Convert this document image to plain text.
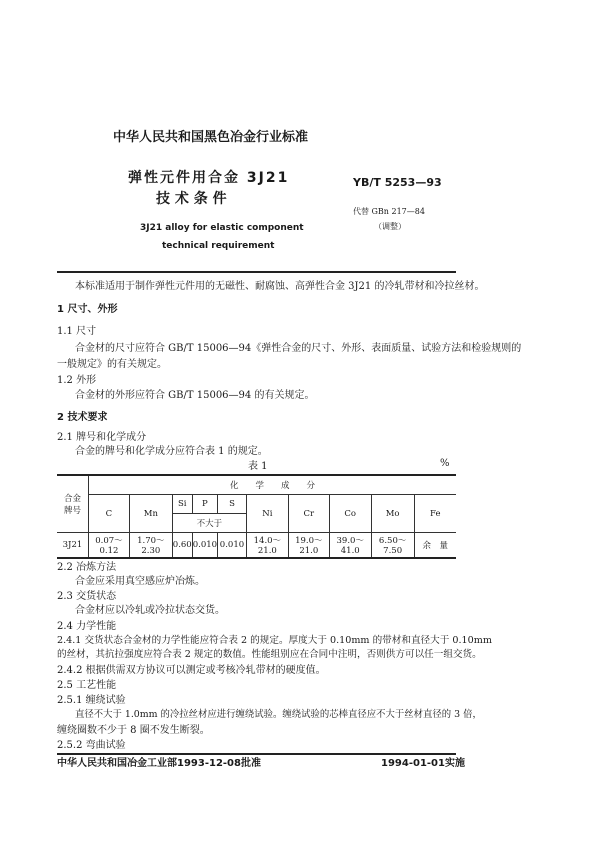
中华人民共和国黑色冶金行业标准
弹性元件用合金 3J21
技 术 条 件
3J21 alloy for elastic component
technical requirement
YB/T 5253—93
代替 GBn 217—84
（调整）
本标准适用于制作弹性元件用的无磁性、耐腐蚀、高弹性合金 3J21 的冷轧带材和冷拉丝材。
1 尺寸、外形
1.1 尺寸
合金材的尺寸应符合 GB/T 15006—94《弹性合金的尺寸、外形、表面质量、试验方法和检验规则的
一般规定》的有关规定。
1.2 外形
合金材的外形应符合 GB/T 15006—94 的有关规定。
2 技术要求
2.1 牌号和化学成分
合金的牌号和化学成分应符合表 1 的规定。
表 1	%
合金
牌号	化　　学　　成　　分									
	C	Mn	Si	P	S	Ni	Cr	Co	Mo	Fe
			不大于							
3J21	0.07～0.12	1.70～2.30	0.60	0.010	0.010	14.0～21.0	19.0～21.0	39.0～41.0	6.50～7.50	余　量
2.2 冶炼方法
合金应采用真空感应炉冶炼。
2.3 交货状态
合金材应以冷轧或冷拉状态交货。
2.4 力学性能
2.4.1 交货状态合金材的力学性能应符合表 2 的规定。厚度大于 0.10mm 的带材和直径大于 0.10mm
的丝材，其抗拉强度应符合表 2 规定的数值。性能组别应在合同中注明，否则供方可以任一组交货。
2.4.2 根据供需双方协议可以测定或考核冷轧带材的硬度值。
2.5 工艺性能
2.5.1 缠绕试验
直径不大于 1.0mm 的冷拉丝材应进行缠绕试验。缠绕试验的芯棒直径应不大于丝材直径的 3 倍，
缠绕圈数不少于 8 圈不发生断裂。
2.5.2 弯曲试验
中华人民共和国冶金工业部1993-12-08批准	1994-01-01实施
